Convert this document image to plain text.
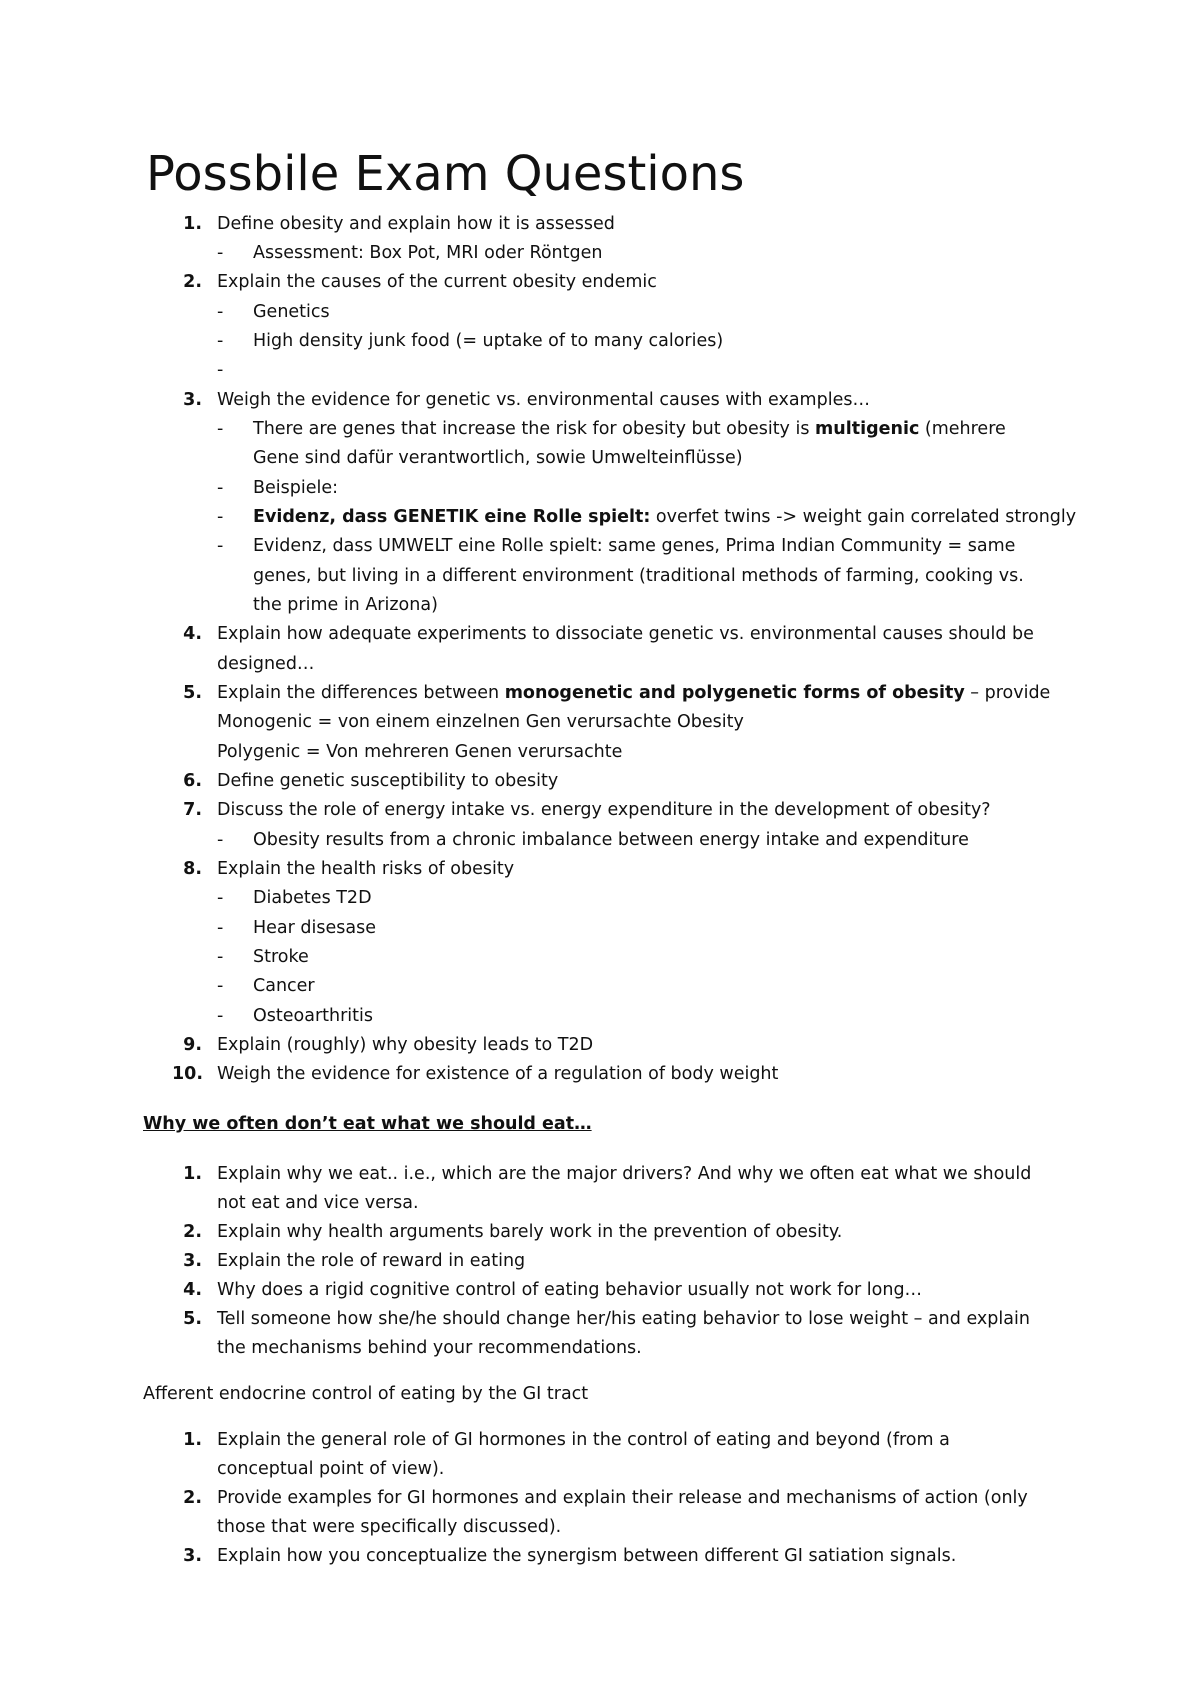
Possbile Exam Questions
1. Define obesity and explain how it is assessed
- Assessment: Box Pot, MRI oder Röntgen
2. Explain the causes of the current obesity endemic
- Genetics
- High density junk food (= uptake of to many calories)
-
3. Weigh the evidence for genetic vs. environmental causes with examples…
- There are genes that increase the risk for obesity but obesity is multigenic (mehrere
Gene sind dafür verantwortlich, sowie Umwelteinflüsse)
- Beispiele:
- Evidenz, dass GENETIK eine Rolle spielt: overfet twins -> weight gain correlated strongly
- Evidenz, dass UMWELT eine Rolle spielt: same genes, Prima Indian Community = same
genes, but living in a different environment (traditional methods of farming, cooking vs.
the prime in Arizona)
4. Explain how adequate experiments to dissociate genetic vs. environmental causes should be
designed…
5. Explain the differences between monogenetic and polygenetic forms of obesity – provide
Monogenic = von einem einzelnen Gen verursachte Obesity
Polygenic = Von mehreren Genen verursachte
6. Define genetic susceptibility to obesity
7. Discuss the role of energy intake vs. energy expenditure in the development of obesity?
- Obesity results from a chronic imbalance between energy intake and expenditure
8. Explain the health risks of obesity
- Diabetes T2D
- Hear disesase
- Stroke
- Cancer
- Osteoarthritis
9. Explain (roughly) why obesity leads to T2D
10. Weigh the evidence for existence of a regulation of body weight
Why we often don’t eat what we should eat…
1. Explain why we eat.. i.e., which are the major drivers? And why we often eat what we should
not eat and vice versa.
2. Explain why health arguments barely work in the prevention of obesity.
3. Explain the role of reward in eating
4. Why does a rigid cognitive control of eating behavior usually not work for long…
5. Tell someone how she/he should change her/his eating behavior to lose weight – and explain
the mechanisms behind your recommendations.
Afferent endocrine control of eating by the GI tract
1. Explain the general role of GI hormones in the control of eating and beyond (from a
conceptual point of view).
2. Provide examples for GI hormones and explain their release and mechanisms of action (only
those that were specifically discussed).
3. Explain how you conceptualize the synergism between different GI satiation signals.
